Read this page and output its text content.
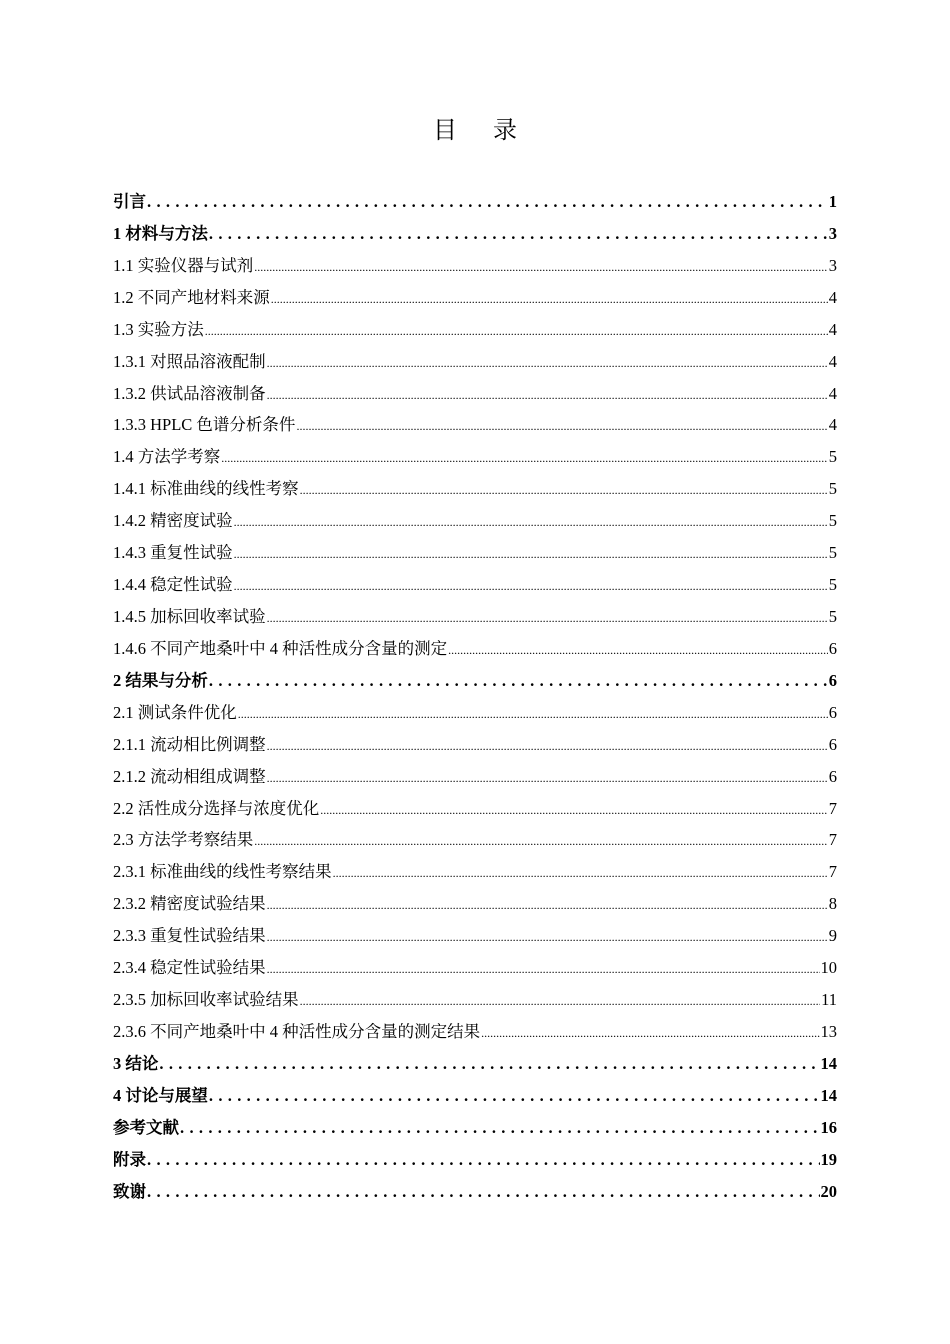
目 录
引言 . . .	1
1 材料与方法 . . .	3
1.1 实验仪器与试剂 .....	3
1.2 不同产地材料来源 .....	4
1.3 实验方法 .....	4
1.3.1 对照品溶液配制 .....	4
1.3.2 供试品溶液制备 .....	4
1.3.3 HPLC 色谱分析条件 .....	4
1.4 方法学考察 .....	5
1.4.1 标准曲线的线性考察 .....	5
1.4.2 精密度试验 .....	5
1.4.3 重复性试验 .....	5
1.4.4 稳定性试验 .....	5
1.4.5 加标回收率试验 .....	5
1.4.6 不同产地桑叶中 4 种活性成分含量的测定 .....	6
2 结果与分析 . . .	6
2.1 测试条件优化 .....	6
2.1.1 流动相比例调整 .....	6
2.1.2 流动相组成调整 .....	6
2.2 活性成分选择与浓度优化 .....	7
2.3 方法学考察结果 .....	7
2.3.1 标准曲线的线性考察结果 .....	7
2.3.2 精密度试验结果 .....	8
2.3.3 重复性试验结果 .....	9
2.3.4 稳定性试验结果 .....	10
2.3.5 加标回收率试验结果 .....	11
2.3.6 不同产地桑叶中 4 种活性成分含量的测定结果 .....	13
3 结论 . . .	14
4 讨论与展望 . . .	14
参考文献 . . .	16
附录 . . .	19
致谢 . . .	20
